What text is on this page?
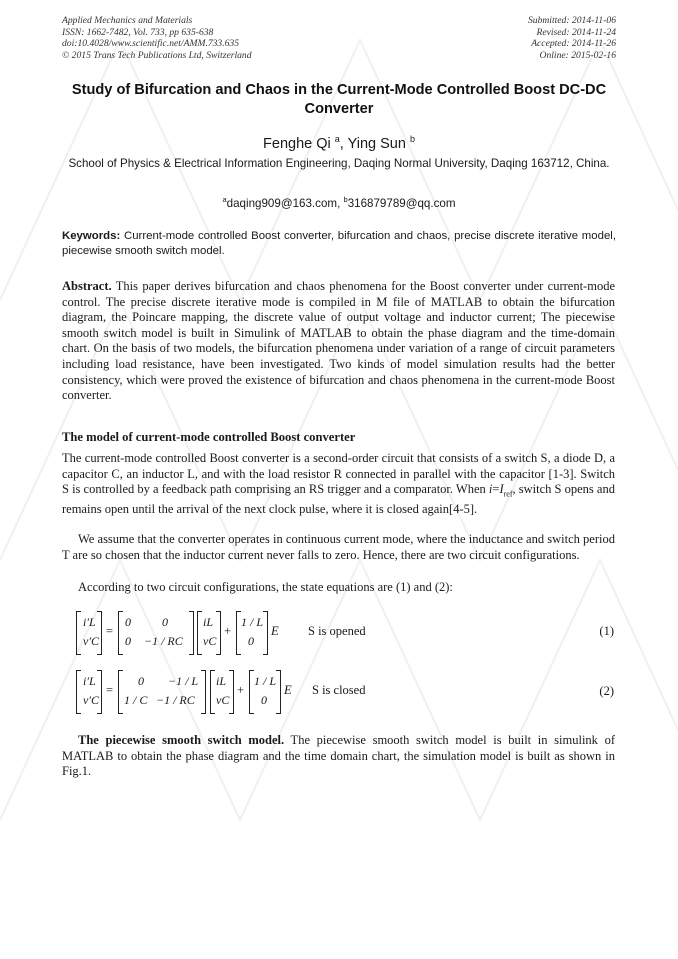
Applied Mechanics and Materials
ISSN: 1662-7482, Vol. 733, pp 635-638
doi:10.4028/www.scientific.net/AMM.733.635
© 2015 Trans Tech Publications Ltd, Switzerland
Submitted: 2014-11-06
Revised: 2014-11-24
Accepted: 2014-11-26
Online: 2015-02-16
Study of Bifurcation and Chaos in the Current-Mode Controlled Boost DC-DC Converter
Fenghe Qi $^a$, Ying Sun $^b$
School of Physics & Electrical Information Engineering, Daqing Normal University, Daqing 163712, China.
$^a$daqing909@163.com, $^b$316879789@qq.com
Keywords: Current-mode controlled Boost converter, bifurcation and chaos, precise discrete iterative model, piecewise smooth switch model.
Abstract. This paper derives bifurcation and chaos phenomena for the Boost converter under current-mode control. The precise discrete iterative mode is compiled in M file of MATLAB to obtain the bifurcation diagram, the Poincare mapping, the discrete value of output voltage and inductor current; The piecewise smooth switch model is built in Simulink of MATLAB to obtain the phase diagram and the time-domain chart. On the basis of two models, the bifurcation phenomena under variation of a range of circuit parameters including load resistance, have been investigated. Two kinds of model simulation results had the better consistency, which were proved the existence of bifurcation and chaos phenomena in the current-mode Boost converter.
The model of current-mode controlled Boost converter
The current-mode controlled Boost converter is a second-order circuit that consists of a switch S, a diode D, a capacitor C, an inductor L, and with the load resistor R connected in parallel with the capacitor [1-3]. Switch S is controlled by a feedback path comprising an RS trigger and a comparator. When $i=I_{ref}$, switch S opens and remains open until the arrival of the next clock pulse, where it is closed again[4-5].
We assume that the converter operates in continuous current mode, where the inductance and switch period T are so chosen that the inductor current never falls to zero. Hence, there are two circuit configurations.
According to two circuit configurations, the state equations are (1) and (2):
i′L
v′C
=
0	0
0 −1 / RC
iL
vC
+
1 / L
0
E S is opened	(1)
i′L
v′C
=
0 −1 / L
1 / C −1 / RC
iL
vC
+
1 / L
0
E S is closed	(2)
The piecewise smooth switch model. The piecewise smooth switch model is built in simulink of MATLAB to obtain the phase diagram and the time domain chart, the simulation model is built as shown in Fig.1.
